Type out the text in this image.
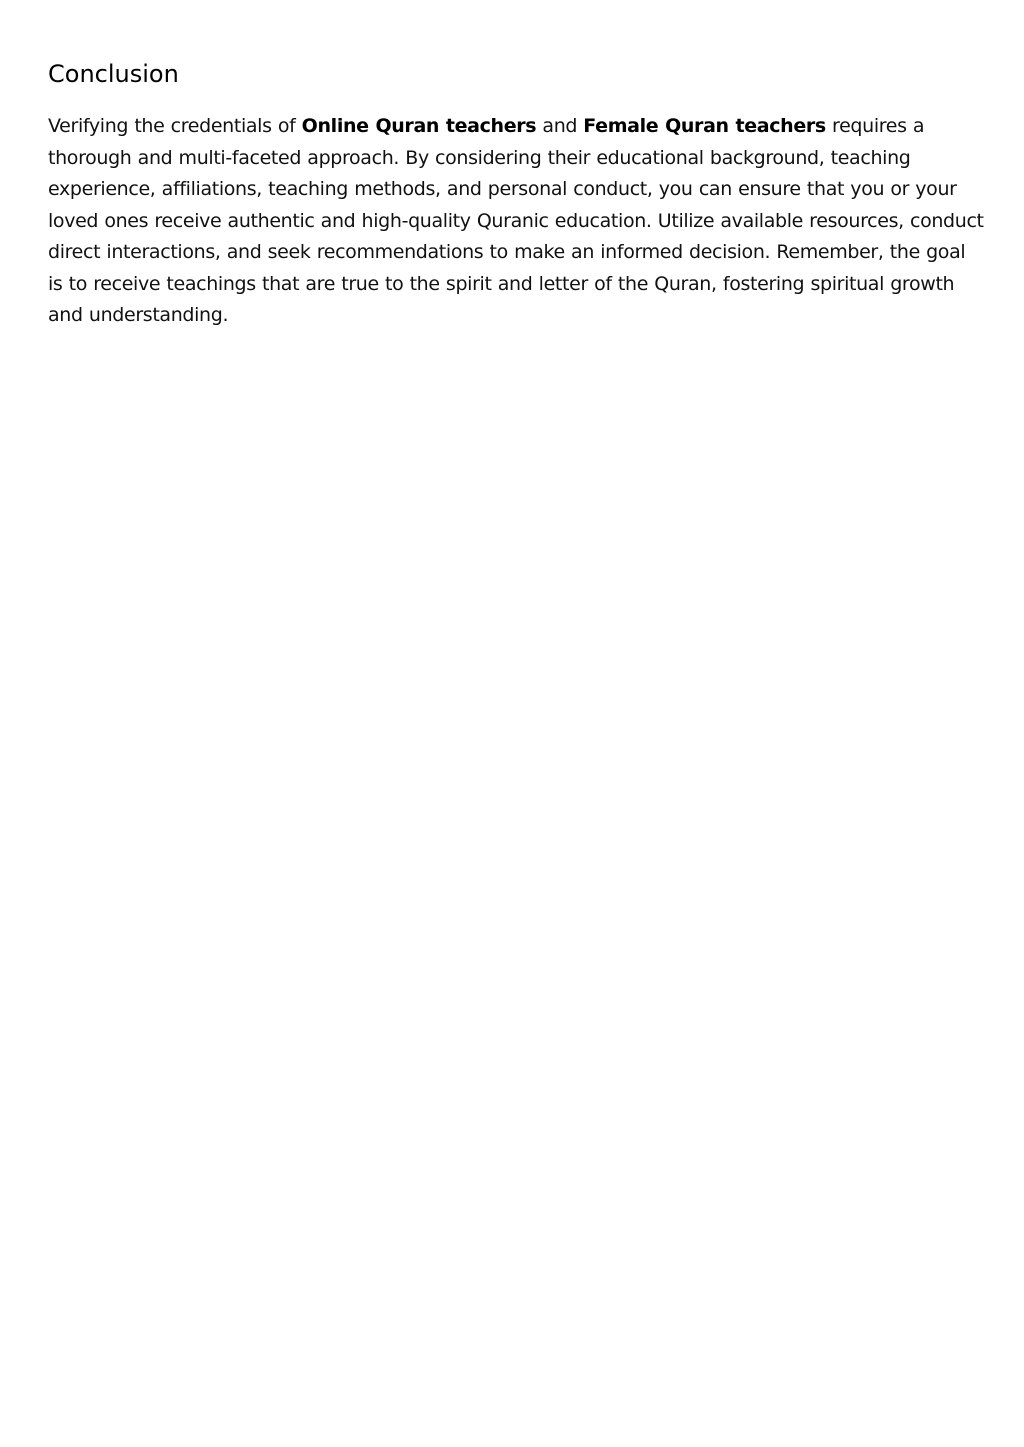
Conclusion

Verifying the credentials of Online Quran teachers and Female Quran teachers requires a thorough and multi-faceted approach. By considering their educational background, teaching experience, affiliations, teaching methods, and personal conduct, you can ensure that you or your loved ones receive authentic and high-quality Quranic education. Utilize available resources, conduct direct interactions, and seek recommendations to make an informed decision. Remember, the goal is to receive teachings that are true to the spirit and letter of the Quran, fostering spiritual growth and understanding.
